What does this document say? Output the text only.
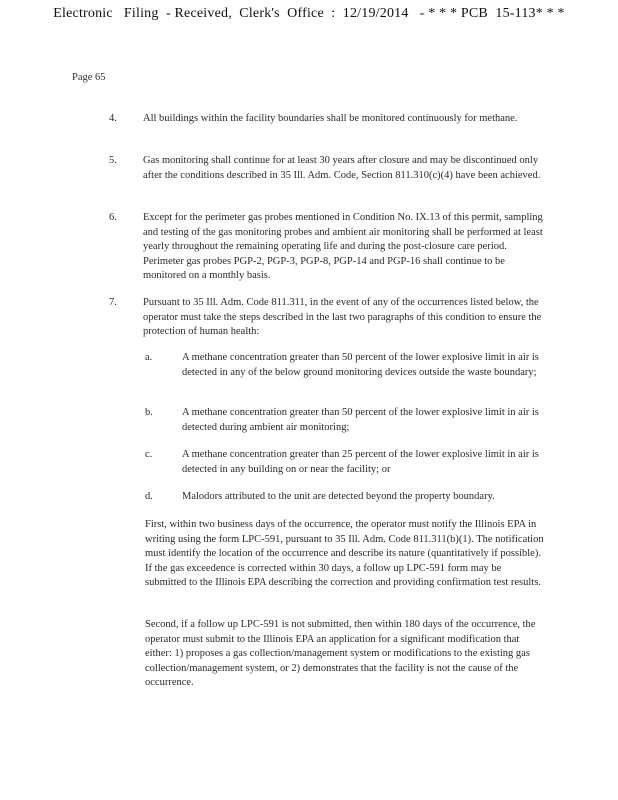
Electronic   Filing  - Received,  Clerk's  Office  :  12/19/2014   - * * * PCB  15-113* * *
Page 65
4. All buildings within the facility boundaries shall be monitored continuously for methane.
5. Gas monitoring shall continue for at least 30 years after closure and may be discontinued only after the conditions described in 35 Ill. Adm. Code, Section 811.310(c)(4) have been achieved.
6. Except for the perimeter gas probes mentioned in Condition No. IX.13 of this permit, sampling and testing of the gas monitoring probes and ambient air monitoring shall be performed at least yearly throughout the remaining operating life and during the post-closure care period. Perimeter gas probes PGP-2, PGP-3, PGP-8, PGP-14 and PGP-16 shall continue to be monitored on a monthly basis.
7. Pursuant to 35 Ill. Adm. Code 811.311, in the event of any of the occurrences listed below, the operator must take the steps described in the last two paragraphs of this condition to ensure the protection of human health:
a.	A methane concentration greater than 50 percent of the lower explosive limit in air is detected in any of the below ground monitoring devices outside the waste boundary;
b.	A methane concentration greater than 50 percent of the lower explosive limit in air is detected during ambient air monitoring;
c.	A methane concentration greater than 25 percent of the lower explosive limit in air is detected in any building on or near the facility; or
d.	Malodors attributed to the unit are detected beyond the property boundary.
First, within two business days of the occurrence, the operator must notify the Illinois EPA in writing using the form LPC-591, pursuant to 35 Ill. Adm. Code 811.311(b)(1). The notification must identify the location of the occurrence and describe its nature (quantitatively if possible). If the gas exceedence is corrected within 30 days, a follow up LPC-591 form may be submitted to the Illinois EPA describing the correction and providing confirmation test results.
Second, if a follow up LPC-591 is not submitted, then within 180 days of the occurrence, the operator must submit to the Illinois EPA an application for a significant modification that either: 1) proposes a gas collection/management system or modifications to the existing gas collection/management system, or 2) demonstrates that the facility is not the cause of the occurrence.
